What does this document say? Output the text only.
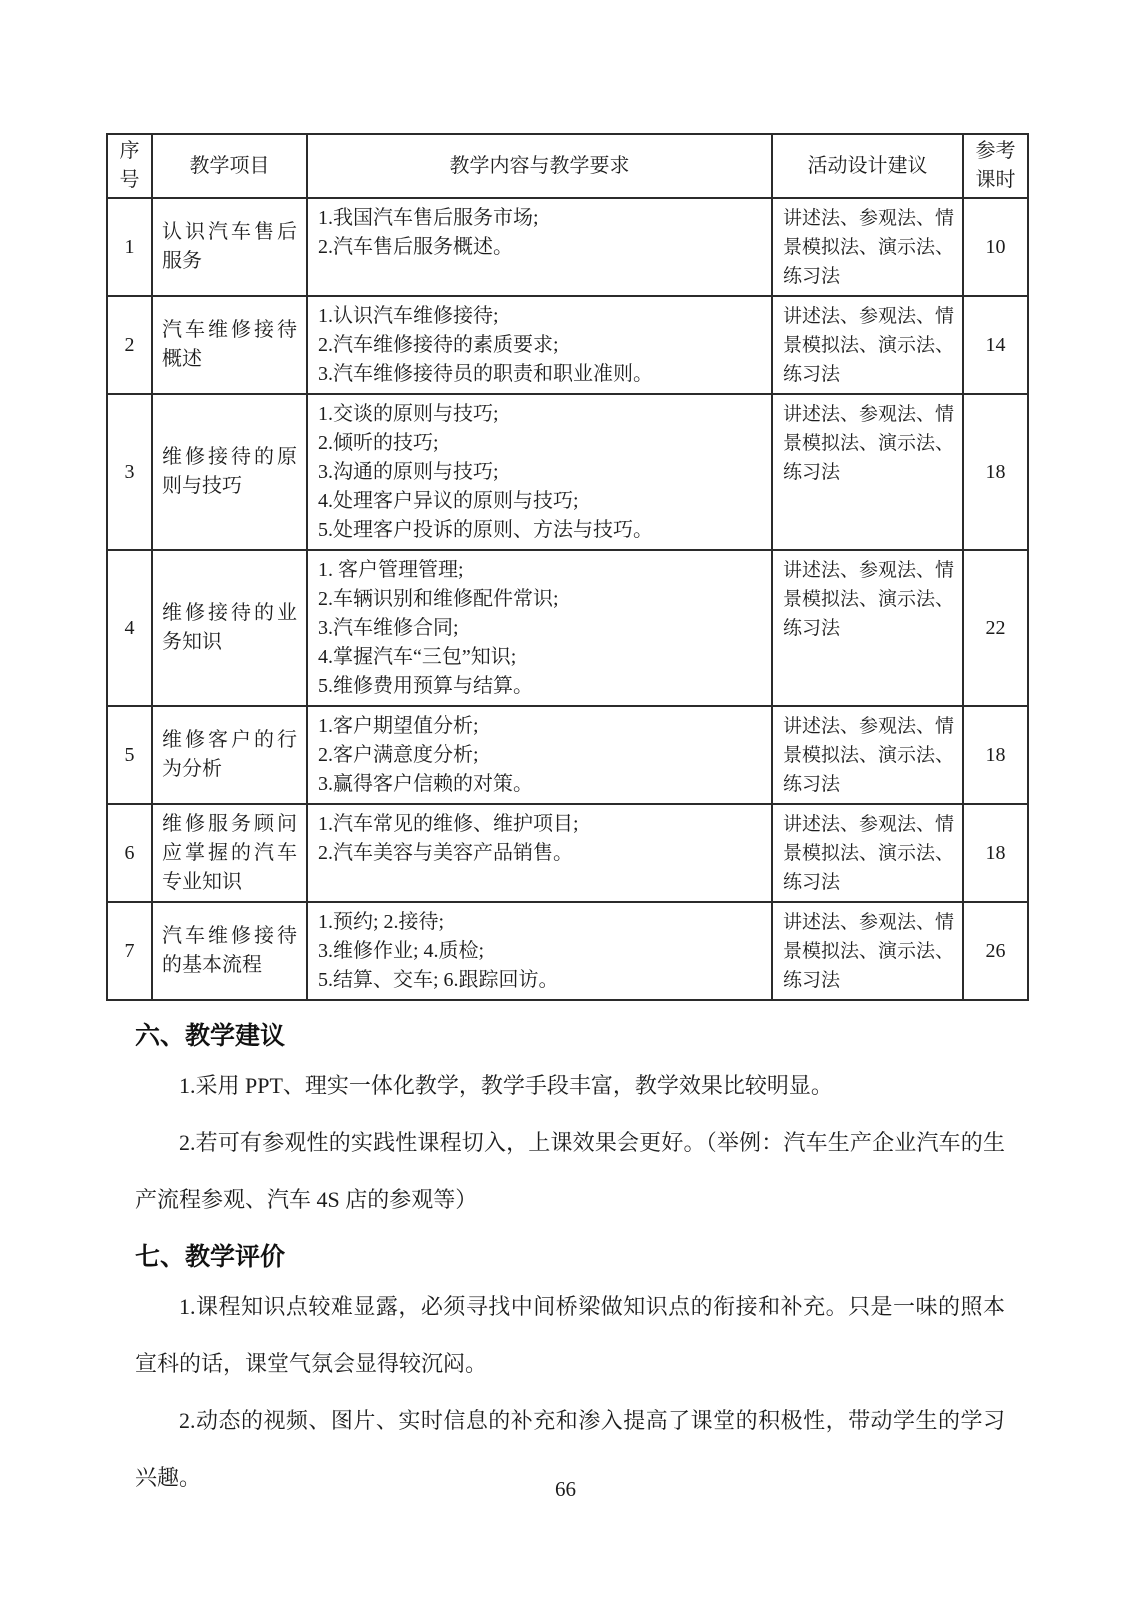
序号	教学项目	教学内容与教学要求	活动设计建议	参考课时
1	认识汽车售后服务	1.我国汽车售后服务市场;
2.汽车售后服务概述。	讲述法、参观法、情景模拟法、演示法、练习法	10
2	汽车维修接待概述	1.认识汽车维修接待;
2.汽车维修接待的素质要求;
3.汽车维修接待员的职责和职业准则。	讲述法、参观法、情景模拟法、演示法、练习法	14
3	维修接待的原则与技巧	1.交谈的原则与技巧;
2.倾听的技巧;
3.沟通的原则与技巧;
4.处理客户异议的原则与技巧;
5.处理客户投诉的原则、方法与技巧。	讲述法、参观法、情景模拟法、演示法、练习法	18
4	维修接待的业务知识	1. 客户管理管理;
2.车辆识别和维修配件常识;
3.汽车维修合同;
4.掌握汽车“三包”知识;
5.维修费用预算与结算。	讲述法、参观法、情景模拟法、演示法、练习法	22
5	维修客户的行为分析	1.客户期望值分析;
2.客户满意度分析;
3.赢得客户信赖的对策。	讲述法、参观法、情景模拟法、演示法、练习法	18
6	维修服务顾问应掌握的汽车专业知识	1.汽车常见的维修、维护项目;
2.汽车美容与美容产品销售。	讲述法、参观法、情景模拟法、演示法、练习法	18
7	汽车维修接待的基本流程	1.预约; 2.接待;
3.维修作业; 4.质检;
5.结算、交车; 6.跟踪回访。	讲述法、参观法、情景模拟法、演示法、练习法	26
六、教学建议

1.采用 PPT、理实一体化教学，教学手段丰富，教学效果比较明显。

2.若可有参观性的实践性课程切入，上课效果会更好。（举例：汽车生产企业汽车的生产流程参观、汽车 4S 店的参观等）

七、教学评价

1.课程知识点较难显露，必须寻找中间桥梁做知识点的衔接和补充。只是一味的照本宣科的话，课堂气氛会显得较沉闷。

2.动态的视频、图片、实时信息的补充和渗入提高了课堂的积极性，带动学生的学习兴趣。	66
